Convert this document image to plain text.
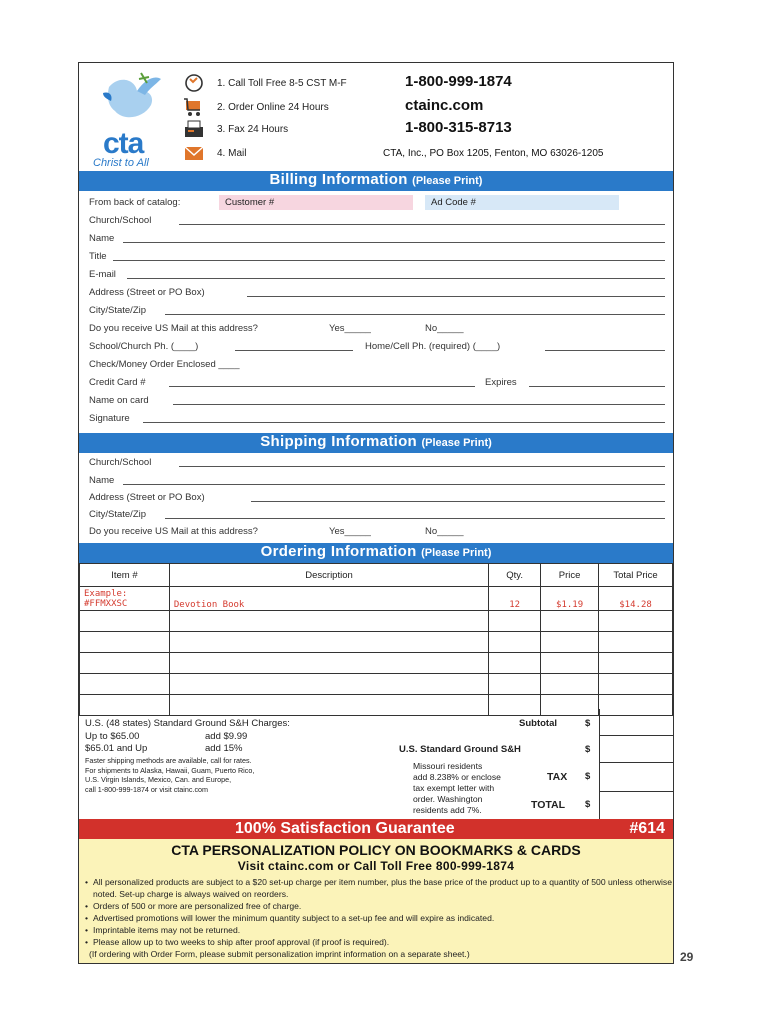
cta
Christ to All
1. Call Toll Free 8-5 CST M-F	1-800-999-1874
2. Order Online 24 Hours	ctainc.com
3. Fax 24 Hours	1-800-315-8713
4. Mail	CTA, Inc., PO Box 1205, Fenton, MO 63026-1205
Billing Information (Please Print)
From back of catalog:	Customer #	Ad Code #
Church/School
Name
Title
E-mail
Address (Street or PO Box)
City/State/Zip
Do you receive US Mail at this address?	Yes_____	No_____
School/Church Ph. (____)	Home/Cell Ph. (required) (____)
Check/Money Order Enclosed ____
Credit Card #	Expires
Name on card
Signature
Shipping Information (Please Print)
Church/School
Name
Address (Street or PO Box)
City/State/Zip
Do you receive US Mail at this address?	Yes_____	No_____
Ordering Information (Please Print)
Item #	Description	Qty.	Price	Total Price
Example:
#FFMXXSC	Devotion Book	12	$1.19	$14.28

U.S. (48 states) Standard Ground S&H Charges:
Up to $65.00	add $9.99
$65.01 and Up	add 15%
Faster shipping methods are available, call for rates.
For shipments to Alaska, Hawaii, Guam, Puerto Rico,
U.S. Virgin Islands, Mexico, Can. and Europe,
call 1-800-999-1874 or visit ctainc.com
Subtotal	$
U.S. Standard Ground S&H	$
Missouri residents
add 8.238% or enclose
tax exempt letter with
order. Washington
residents add 7%.
TAX $
TOTAL $
100% Satisfaction Guarantee	#614
CTA PERSONALIZATION POLICY ON BOOKMARKS & CARDS
Visit ctainc.com or Call Toll Free 800-999-1874
• All personalized products are subject to a $20 set-up charge per item number, plus the base price of the product up to a quantity of 500 unless otherwise noted. Set-up charge is always waived on reorders.
• Orders of 500 or more are personalized free of charge.
• Advertised promotions will lower the minimum quantity subject to a set-up fee and will expire as indicated.
• Imprintable items may not be returned.
• Please allow up to two weeks to ship after proof approval (if proof is required).
(If ordering with Order Form, please submit personalization imprint information on a separate sheet.)	29
